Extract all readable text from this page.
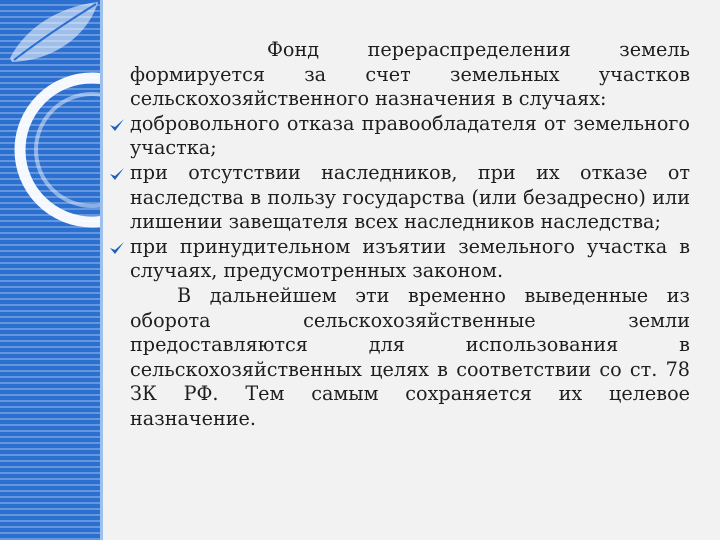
Фонд перераспределения земель формируется за счет земельных участков сельскохозяйственного назначения в случаях:

добровольного отказа правообладателя от земельного участка;

при отсутствии наследников, при их отказе от наследства в пользу государства (или безадресно) или лишении завещателя всех наследников наследства;

при принудительном изъятии земельного участка в случаях, предусмотренных законом.

В дальнейшем эти временно выведенные из оборота сельскохозяйственные земли предоставляются для использования в сельскохозяйственных целях в соответствии со ст. 78 ЗК РФ. Тем самым сохраняется их целевое назначение.
